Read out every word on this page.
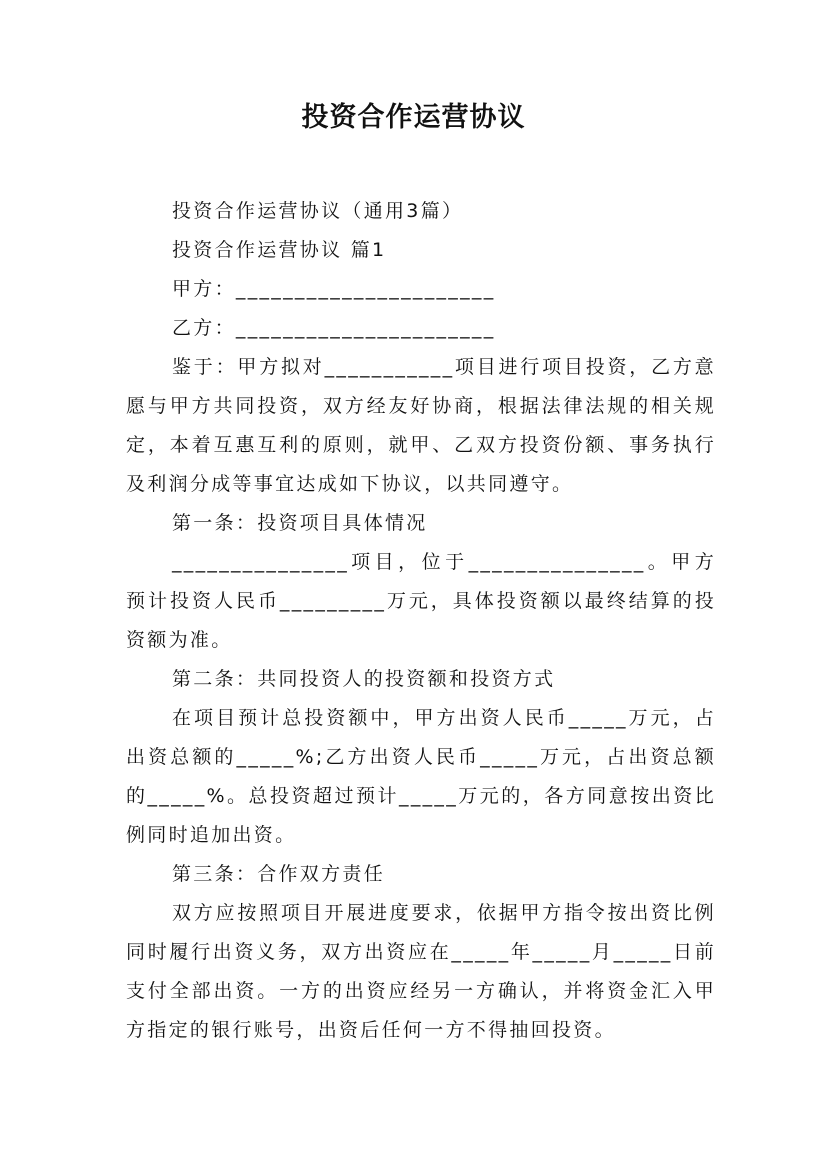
投资合作运营协议

投资合作运营协议（通用3篇）

投资合作运营协议 篇1

甲方：______________________

乙方：______________________

鉴于：甲方拟对___________项目进行项目投资，乙方意愿与甲方共同投资，双方经友好协商，根据法律法规的相关规定，本着互惠互利的原则，就甲、乙双方投资份额、事务执行及利润分成等事宜达成如下协议，以共同遵守。

第一条：投资项目具体情况

_______________项目，位于_______________。甲方预计投资人民币_________万元，具体投资额以最终结算的投资额为准。

第二条：共同投资人的投资额和投资方式

在项目预计总投资额中，甲方出资人民币_____万元，占出资总额的_____%;乙方出资人民币_____万元，占出资总额的_____%。总投资超过预计_____万元的，各方同意按出资比例同时追加出资。

第三条：合作双方责任

双方应按照项目开展进度要求，依据甲方指令按出资比例同时履行出资义务，双方出资应在_____年_____月_____日前支付全部出资。一方的出资应经另一方确认，并将资金汇入甲方指定的银行账号，出资后任何一方不得抽回投资。
